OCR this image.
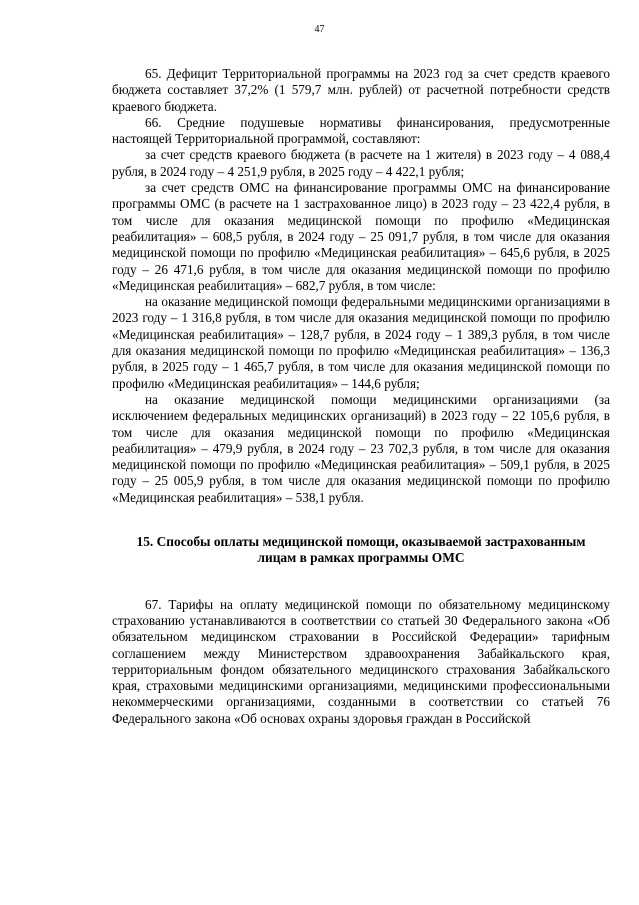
47

65. Дефицит Территориальной программы на 2023 год за счет средств краевого бюджета составляет 37,2% (1 579,7 млн. рублей) от расчетной потребности средств краевого бюджета.

66. Средние подушевые нормативы финансирования, предусмотренные настоящей Территориальной программой, составляют:

за счет средств краевого бюджета (в расчете на 1 жителя) в 2023 году – 4 088,4 рубля, в 2024 году – 4 251,9 рубля, в 2025 году – 4 422,1 рубля;

за счет средств ОМС на финансирование программы ОМС на финансирование программы ОМС (в расчете на 1 застрахованное лицо) в 2023 году – 23 422,4 рубля, в том числе для оказания медицинской помощи по профилю «Медицинская реабилитация» – 608,5 рубля, в 2024 году – 25 091,7 рубля, в том числе для оказания медицинской помощи по профилю «Медицинская реабилитация» – 645,6 рубля, в 2025 году – 26 471,6 рубля, в том числе для оказания медицинской помощи по профилю «Медицинская реабилитация» – 682,7 рубля, в том числе:

на оказание медицинской помощи федеральными медицинскими организациями в 2023 году – 1 316,8 рубля, в том числе для оказания медицинской помощи по профилю «Медицинская реабилитация» – 128,7 рубля, в 2024 году – 1 389,3 рубля, в том числе для оказания медицинской помощи по профилю «Медицинская реабилитация» – 136,3 рубля, в 2025 году – 1 465,7 рубля, в том числе для оказания медицинской помощи по профилю «Медицинская реабилитация» – 144,6 рубля;

на оказание медицинской помощи медицинскими организациями (за исключением федеральных медицинских организаций) в 2023 году – 22 105,6 рубля, в том числе для оказания медицинской помощи по профилю «Медицинская реабилитация» – 479,9 рубля, в 2024 году – 23 702,3 рубля, в том числе для оказания медицинской помощи по профилю «Медицинская реабилитация» – 509,1 рубля, в 2025 году – 25 005,9 рубля, в том числе для оказания медицинской помощи по профилю «Медицинская реабилитация» – 538,1 рубля.

15. Способы оплаты медицинской помощи, оказываемой застрахованным лицам в рамках программы ОМС

67. Тарифы на оплату медицинской помощи по обязательному медицинскому страхованию устанавливаются в соответствии со статьей 30 Федерального закона «Об обязательном медицинском страховании в Российской Федерации» тарифным соглашением между Министерством здравоохранения Забайкальского края, территориальным фондом обязательного медицинского страхования Забайкальского края, страховыми медицинскими организациями, медицинскими профессиональными некоммерческими организациями, созданными в соответствии со статьей 76 Федерального закона «Об основах охраны здоровья граждан в Российской
